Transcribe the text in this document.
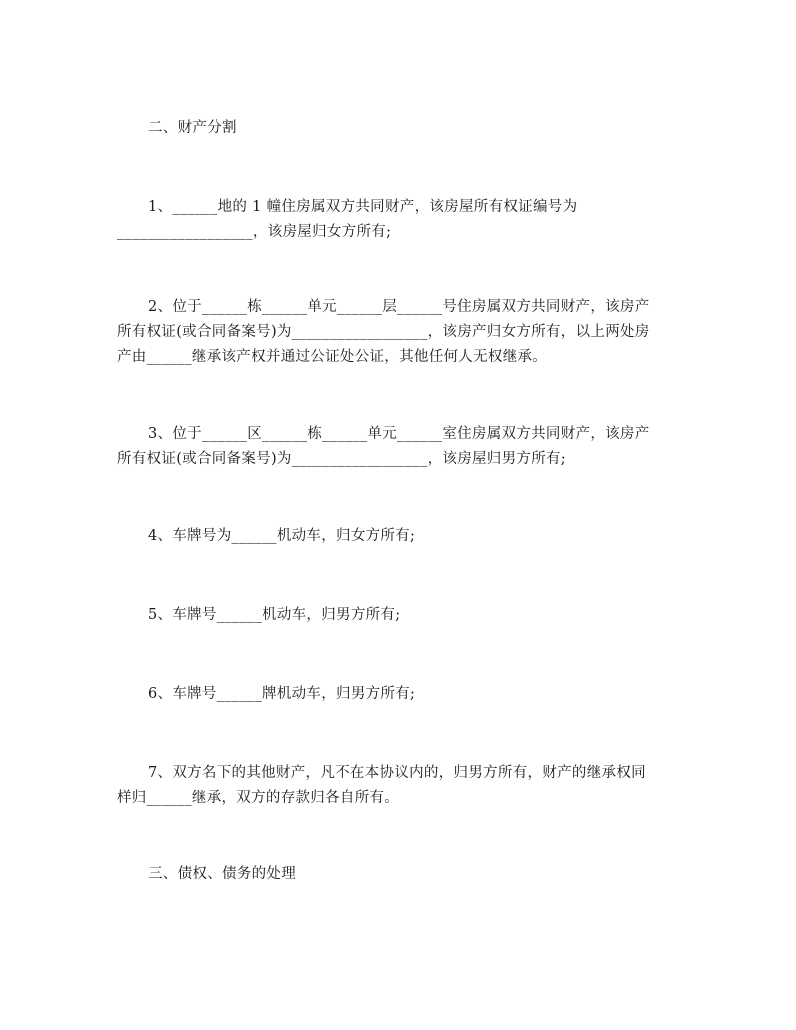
二、财产分割
1、______地的 1 幢住房属双方共同财产，该房屋所有权证编号为
__________________，该房屋归女方所有;
2、位于______栋______单元______层______号住房属双方共同财产，该房产
所有权证(或合同备案号)为__________________，该房产归女方所有，以上两处房
产由______继承该产权并通过公证处公证，其他任何人无权继承。
3、位于______区______栋______单元______室住房属双方共同财产，该房产
所有权证(或合同备案号)为__________________，该房屋归男方所有;
4、车牌号为______机动车，归女方所有;
5、车牌号______机动车，归男方所有;
6、车牌号______牌机动车，归男方所有;
7、双方名下的其他财产，凡不在本协议内的，归男方所有，财产的继承权同
样归______继承，双方的存款归各自所有。
三、债权、债务的处理
